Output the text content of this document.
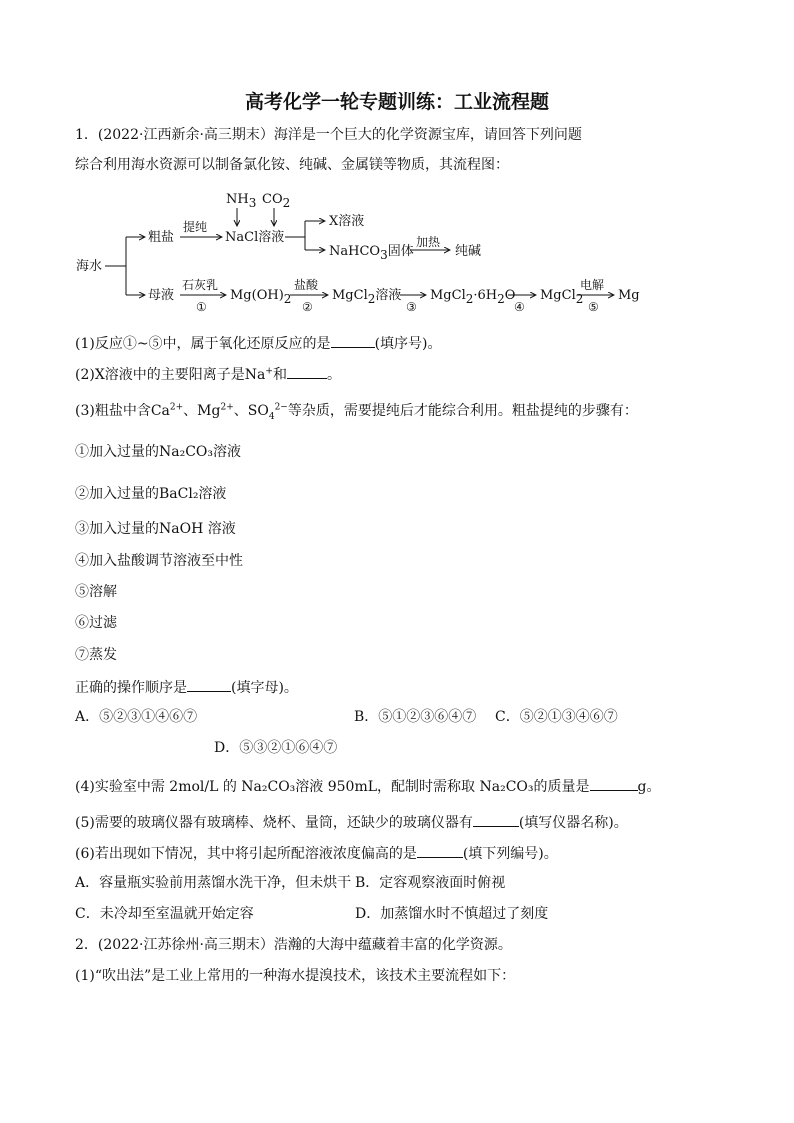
高考化学一轮专题训练：工业流程题
1．(2022·江西新余·高三期末）海洋是一个巨大的化学资源宝库，请回答下列问题
综合利用海水资源可以制备氯化铵、纯碱、金属镁等物质，其流程图：
海水
粗盐
提纯
NaCl溶液
NH3 CO2
X溶液
NaHCO3固体
加热
纯碱
母液
石灰乳
①
Mg(OH)2
盐酸
②
MgCl2溶液
③
MgCl2·6H2O
④
MgCl2
电解
⑤
Mg
(1)反应①~⑤中，属于氧化还原反应的是	(填序号)。
(2)X溶液中的主要阳离子是Na+和	。
(3)粗盐中含$Ca^{2+}$、$Mg^{2+}$、$SO_4^{2-}$等杂质，需要提纯后才能综合利用。粗盐提纯的步骤有：
①加入过量的Na₂CO₃溶液
②加入过量的BaCl₂溶液
③加入过量的NaOH 溶液
④加入盐酸调节溶液至中性
⑤溶解
⑥过滤
⑦蒸发
正确的操作顺序是	(填字母)。
A．⑤②③①④⑥⑦	B．⑤①②③⑥④⑦ C．⑤②①③④⑥⑦
D．⑤③②①⑥④⑦
(4)实验室中需 2mol/L 的 Na₂CO₃溶液 950mL，配制时需称取 Na₂CO₃的质量是	g。
(5)需要的玻璃仪器有玻璃棒、烧杯、量筒，还缺少的玻璃仪器有	(填写仪器名称)。
(6)若出现如下情况，其中将引起所配溶液浓度偏高的是	(填下列编号)。
A．容量瓶实验前用蒸馏水洗干净，但未烘干 B．定容观察液面时俯视
C．未冷却至室温就开始定容	D．加蒸馏水时不慎超过了刻度
2．(2022·江苏徐州·高三期末）浩瀚的大海中蕴藏着丰富的化学资源。
(1)“吹出法”是工业上常用的一种海水提溴技术，该技术主要流程如下：
